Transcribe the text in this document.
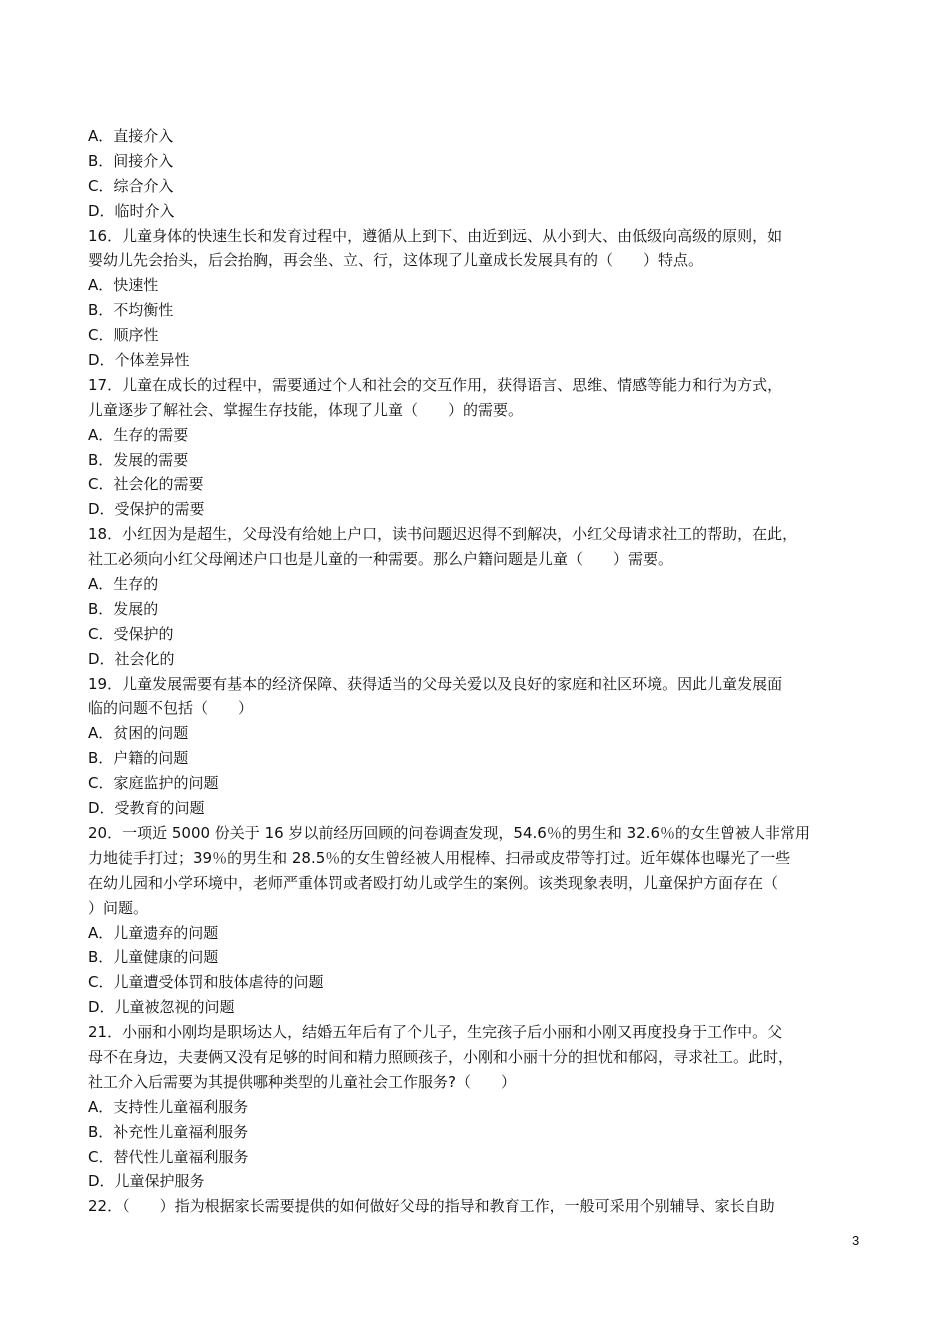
A．直接介入
B．间接介入
C．综合介入
D．临时介入
16．儿童身体的快速生长和发育过程中，遵循从上到下、由近到远、从小到大、由低级向高级的原则，如
婴幼儿先会抬头，后会抬胸，再会坐、立、行，这体现了儿童成长发展具有的（　　）特点。
A．快速性
B．不均衡性
C．顺序性
D．个体差异性
17．儿童在成长的过程中，需要通过个人和社会的交互作用，获得语言、思维、情感等能力和行为方式，
儿童逐步了解社会、掌握生存技能，体现了儿童（　　）的需要。
A．生存的需要
B．发展的需要
C．社会化的需要
D．受保护的需要
18．小红因为是超生，父母没有给她上户口，读书问题迟迟得不到解决，小红父母请求社工的帮助，在此，
社工必须向小红父母阐述户口也是儿童的一种需要。那么户籍问题是儿童（　　）需要。
A．生存的
B．发展的
C．受保护的
D．社会化的
19．儿童发展需要有基本的经济保障、获得适当的父母关爱以及良好的家庭和社区环境。因此儿童发展面
临的问题不包括（　　）
A．贫困的问题
B．户籍的问题
C．家庭监护的问题
D．受教育的问题
20．一项近 5000 份关于 16 岁以前经历回顾的问卷调查发现，54.6％的男生和 32.6％的女生曾被人非常用
力地徒手打过；39％的男生和 28.5％的女生曾经被人用棍棒、扫帚或皮带等打过。近年媒体也曝光了一些
在幼儿园和小学环境中，老师严重体罚或者殴打幼儿或学生的案例。该类现象表明，儿童保护方面存在（
）问题。
A．儿童遗弃的问题
B．儿童健康的问题
C．儿童遭受体罚和肢体虐待的问题
D．儿童被忽视的问题
21．小丽和小刚均是职场达人，结婚五年后有了个儿子，生完孩子后小丽和小刚又再度投身于工作中。父
母不在身边，夫妻俩又没有足够的时间和精力照顾孩子，小刚和小丽十分的担忧和郁闷，寻求社工。此时，
社工介入后需要为其提供哪种类型的儿童社会工作服务?（　　）
A．支持性儿童福利服务
B．补充性儿童福利服务
C．替代性儿童福利服务
D．儿童保护服务
22．（　　）指为根据家长需要提供的如何做好父母的指导和教育工作，一般可采用个别辅导、家长自助
3
